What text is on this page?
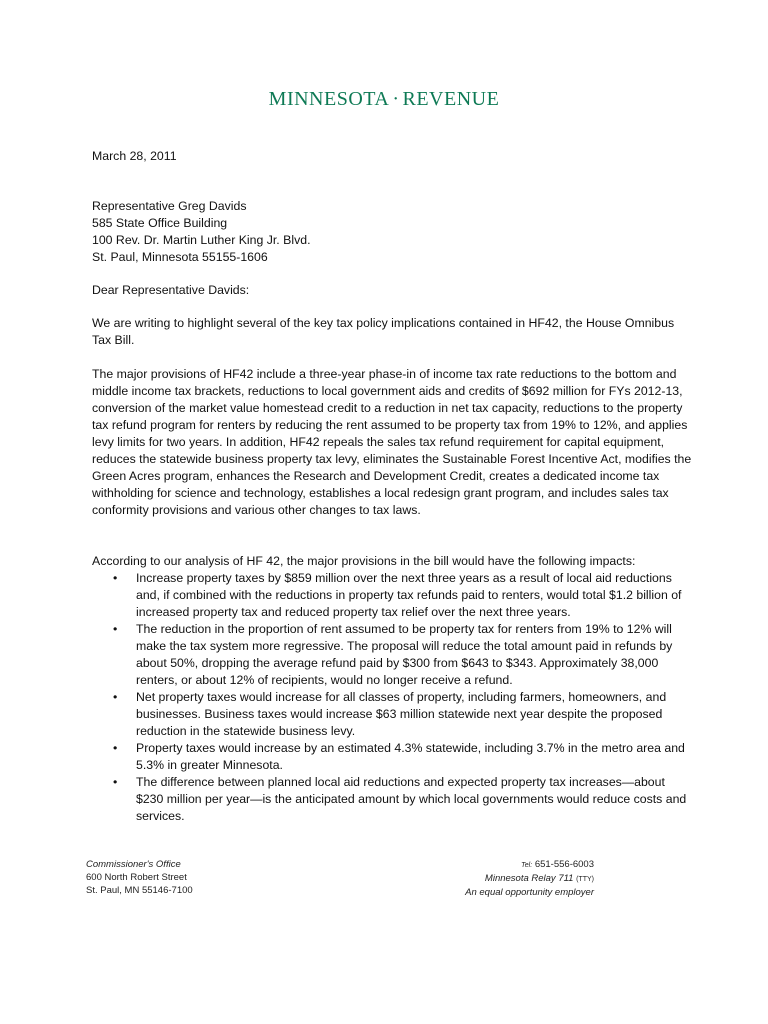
MINNESOTA · REVENUE
March 28, 2011
Representative Greg Davids
585 State Office Building
100 Rev. Dr. Martin Luther King Jr. Blvd.
St. Paul, Minnesota 55155-1606
Dear Representative Davids:

We are writing to highlight several of the key tax policy implications contained in HF42, the House Omnibus Tax Bill.

The major provisions of HF42 include a three-year phase-in of income tax rate reductions to the bottom and middle income tax brackets, reductions to local government aids and credits of $692 million for FYs 2012-13, conversion of the market value homestead credit to a reduction in net tax capacity, reductions to the property tax refund program for renters by reducing the rent assumed to be property tax from 19% to 12%, and applies levy limits for two years. In addition, HF42 repeals the sales tax refund requirement for capital equipment, reduces the statewide business property tax levy, eliminates the Sustainable Forest Incentive Act, modifies the Green Acres program, enhances the Research and Development Credit, creates a dedicated income tax withholding for science and technology, establishes a local redesign grant program, and includes sales tax conformity provisions and various other changes to tax laws.

According to our analysis of HF 42, the major provisions in the bill would have the following impacts:

• Increase property taxes by $859 million over the next three years as a result of local aid reductions and, if combined with the reductions in property tax refunds paid to renters, would total $1.2 billion of increased property tax and reduced property tax relief over the next three years.
• The reduction in the proportion of rent assumed to be property tax for renters from 19% to 12% will make the tax system more regressive. The proposal will reduce the total amount paid in refunds by about 50%, dropping the average refund paid by $300 from $643 to $343. Approximately 38,000 renters, or about 12% of recipients, would no longer receive a refund.
• Net property taxes would increase for all classes of property, including farmers, homeowners, and businesses. Business taxes would increase $63 million statewide next year despite the proposed reduction in the statewide business levy.
• Property taxes would increase by an estimated 4.3% statewide, including 3.7% in the metro area and 5.3% in greater Minnesota.
• The difference between planned local aid reductions and expected property tax increases—about $230 million per year—is the anticipated amount by which local governments would reduce costs and services.
Commissioner's Office
600 North Robert Street
St. Paul, MN 55146-7100
Tel: 651-556-6003
Minnesota Relay 711 (TTY)
An equal opportunity employer
